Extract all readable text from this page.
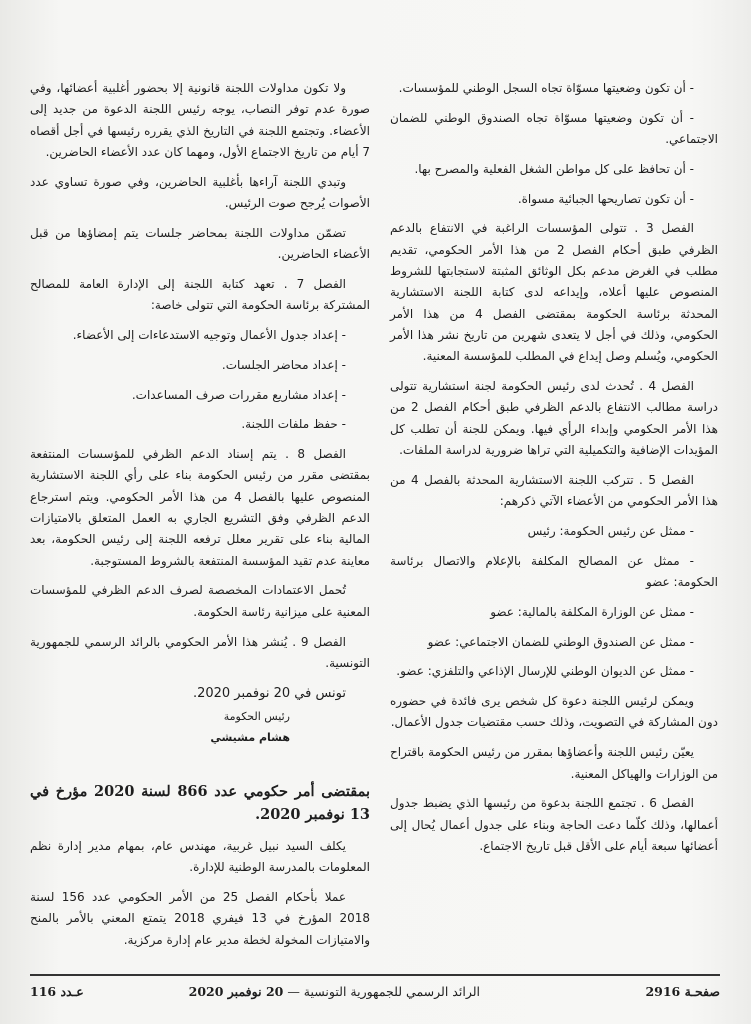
- أن تكون وضعيتها مسوّاة تجاه السجل الوطني للمؤسسات.

- أن تكون وضعيتها مسوّاة تجاه الصندوق الوطني للضمان الاجتماعي.

- أن تحافظ على كل مواطن الشغل الفعلية والمصرح بها.

- أن تكون تصاريحها الجبائية مسواة.

الفصل 3 . تتولى المؤسسات الراغبة في الانتفاع بالدعم الظرفي طبق أحكام الفصل 2 من هذا الأمر الحكومي، تقديم مطلب في الغرض مدعم بكل الوثائق المثبتة لاستجابتها للشروط المنصوص عليها أعلاه، وإيداعه لدى كتابة اللجنة الاستشارية المحدثة برئاسة الحكومة بمقتضى الفصل 4 من هذا الأمر الحكومي، وذلك في أجل لا يتعدى شهرين من تاريخ نشر هذا الأمر الحكومي، ويُسلم وصل إيداع في المطلب للمؤسسة المعنية.

الفصل 4 . تُحدث لدى رئيس الحكومة لجنة استشارية تتولى دراسة مطالب الانتفاع بالدعم الظرفي طبق أحكام الفصل 2 من هذا الأمر الحكومي وإبداء الرأي فيها. ويمكن للجنة أن تطلب كل المؤيدات الإضافية والتكميلية التي تراها ضرورية لدراسة الملفات.

الفصل 5 . تتركب اللجنة الاستشارية المحدثة بالفصل 4 من هذا الأمر الحكومي من الأعضاء الآتي ذكرهم:

- ممثل عن رئيس الحكومة: رئيس

- ممثل عن المصالح المكلفة بالإعلام والاتصال برئاسة الحكومة: عضو

- ممثل عن الوزارة المكلفة بالمالية: عضو

- ممثل عن الصندوق الوطني للضمان الاجتماعي: عضو

- ممثل عن الديوان الوطني للإرسال الإذاعي والتلفزي: عضو.

ويمكن لرئيس اللجنة دعوة كل شخص يرى فائدة في حضوره دون المشاركة في التصويت، وذلك حسب مقتضيات جدول الأعمال.

يعيّن رئيس اللجنة وأعضاؤها بمقرر من رئيس الحكومة باقتراح من الوزارات والهياكل المعنية.

الفصل 6 . تجتمع اللجنة بدعوة من رئيسها الذي يضبط جدول أعمالها، وذلك كلّما دعت الحاجة وبناء على جدول أعمال يُحال إلى أعضائها سبعة أيام على الأقل قبل تاريخ الاجتماع.

ولا تكون مداولات اللجنة قانونية إلا بحضور أغلبية أعضائها، وفي صورة عدم توفر النصاب، يوجه رئيس اللجنة الدعوة من جديد إلى الأعضاء. وتجتمع اللجنة في التاريخ الذي يقرره رئيسها في أجل أقصاه 7 أيام من تاريخ الاجتماع الأول، ومهما كان عدد الأعضاء الحاضرين.

وتبدي اللجنة آراءها بأغلبية الحاضرين، وفي صورة تساوي عدد الأصوات يُرجح صوت الرئيس.

تضمّن مداولات اللجنة بمحاضر جلسات يتم إمضاؤها من قبل الأعضاء الحاضرين.

الفصل 7 . تعهد كتابة اللجنة إلى الإدارة العامة للمصالح المشتركة برئاسة الحكومة التي تتولى خاصة:

- إعداد جدول الأعمال وتوجيه الاستدعاءات إلى الأعضاء.

- إعداد محاضر الجلسات.

- إعداد مشاريع مقررات صرف المساعدات.

- حفظ ملفات اللجنة.

الفصل 8 . يتم إسناد الدعم الظرفي للمؤسسات المنتفعة بمقتضى مقرر من رئيس الحكومة بناء على رأي اللجنة الاستشارية المنصوص عليها بالفصل 4 من هذا الأمر الحكومي. ويتم استرجاع الدعم الظرفي وفق التشريع الجاري به العمل المتعلق بالامتيازات المالية بناء على تقرير معلل ترفعه اللجنة إلى رئيس الحكومة، بعد معاينة عدم تقيد المؤسسة المنتفعة بالشروط المستوجبة.

تُحمل الاعتمادات المخصصة لصرف الدعم الظرفي للمؤسسات المعنية على ميزانية رئاسة الحكومة.

الفصل 9 . يُنشر هذا الأمر الحكومي بالرائد الرسمي للجمهورية التونسية.

تونس في 20 نوفمبر 2020.

رئيس الحكومة

هشام مشيشي

بمقتضى أمر حكومي عدد 866 لسنة 2020 مؤرخ في 13 نوفمبر 2020.

يكلف السيد نبيل غربية، مهندس عام، بمهام مدير إدارة نظم المعلومات بالمدرسة الوطنية للإدارة.

عملا بأحكام الفصل 25 من الأمر الحكومي عدد 156 لسنة 2018 المؤرخ في 13 فيفري 2018 يتمتع المعني بالأمر بالمنح والامتيازات المخولة لخطة مدير عام إدارة مركزية.

صفحـة 2916
الرائد الرسمي للجمهورية التونسية — 20 نوفمبر 2020
عـدد 116
